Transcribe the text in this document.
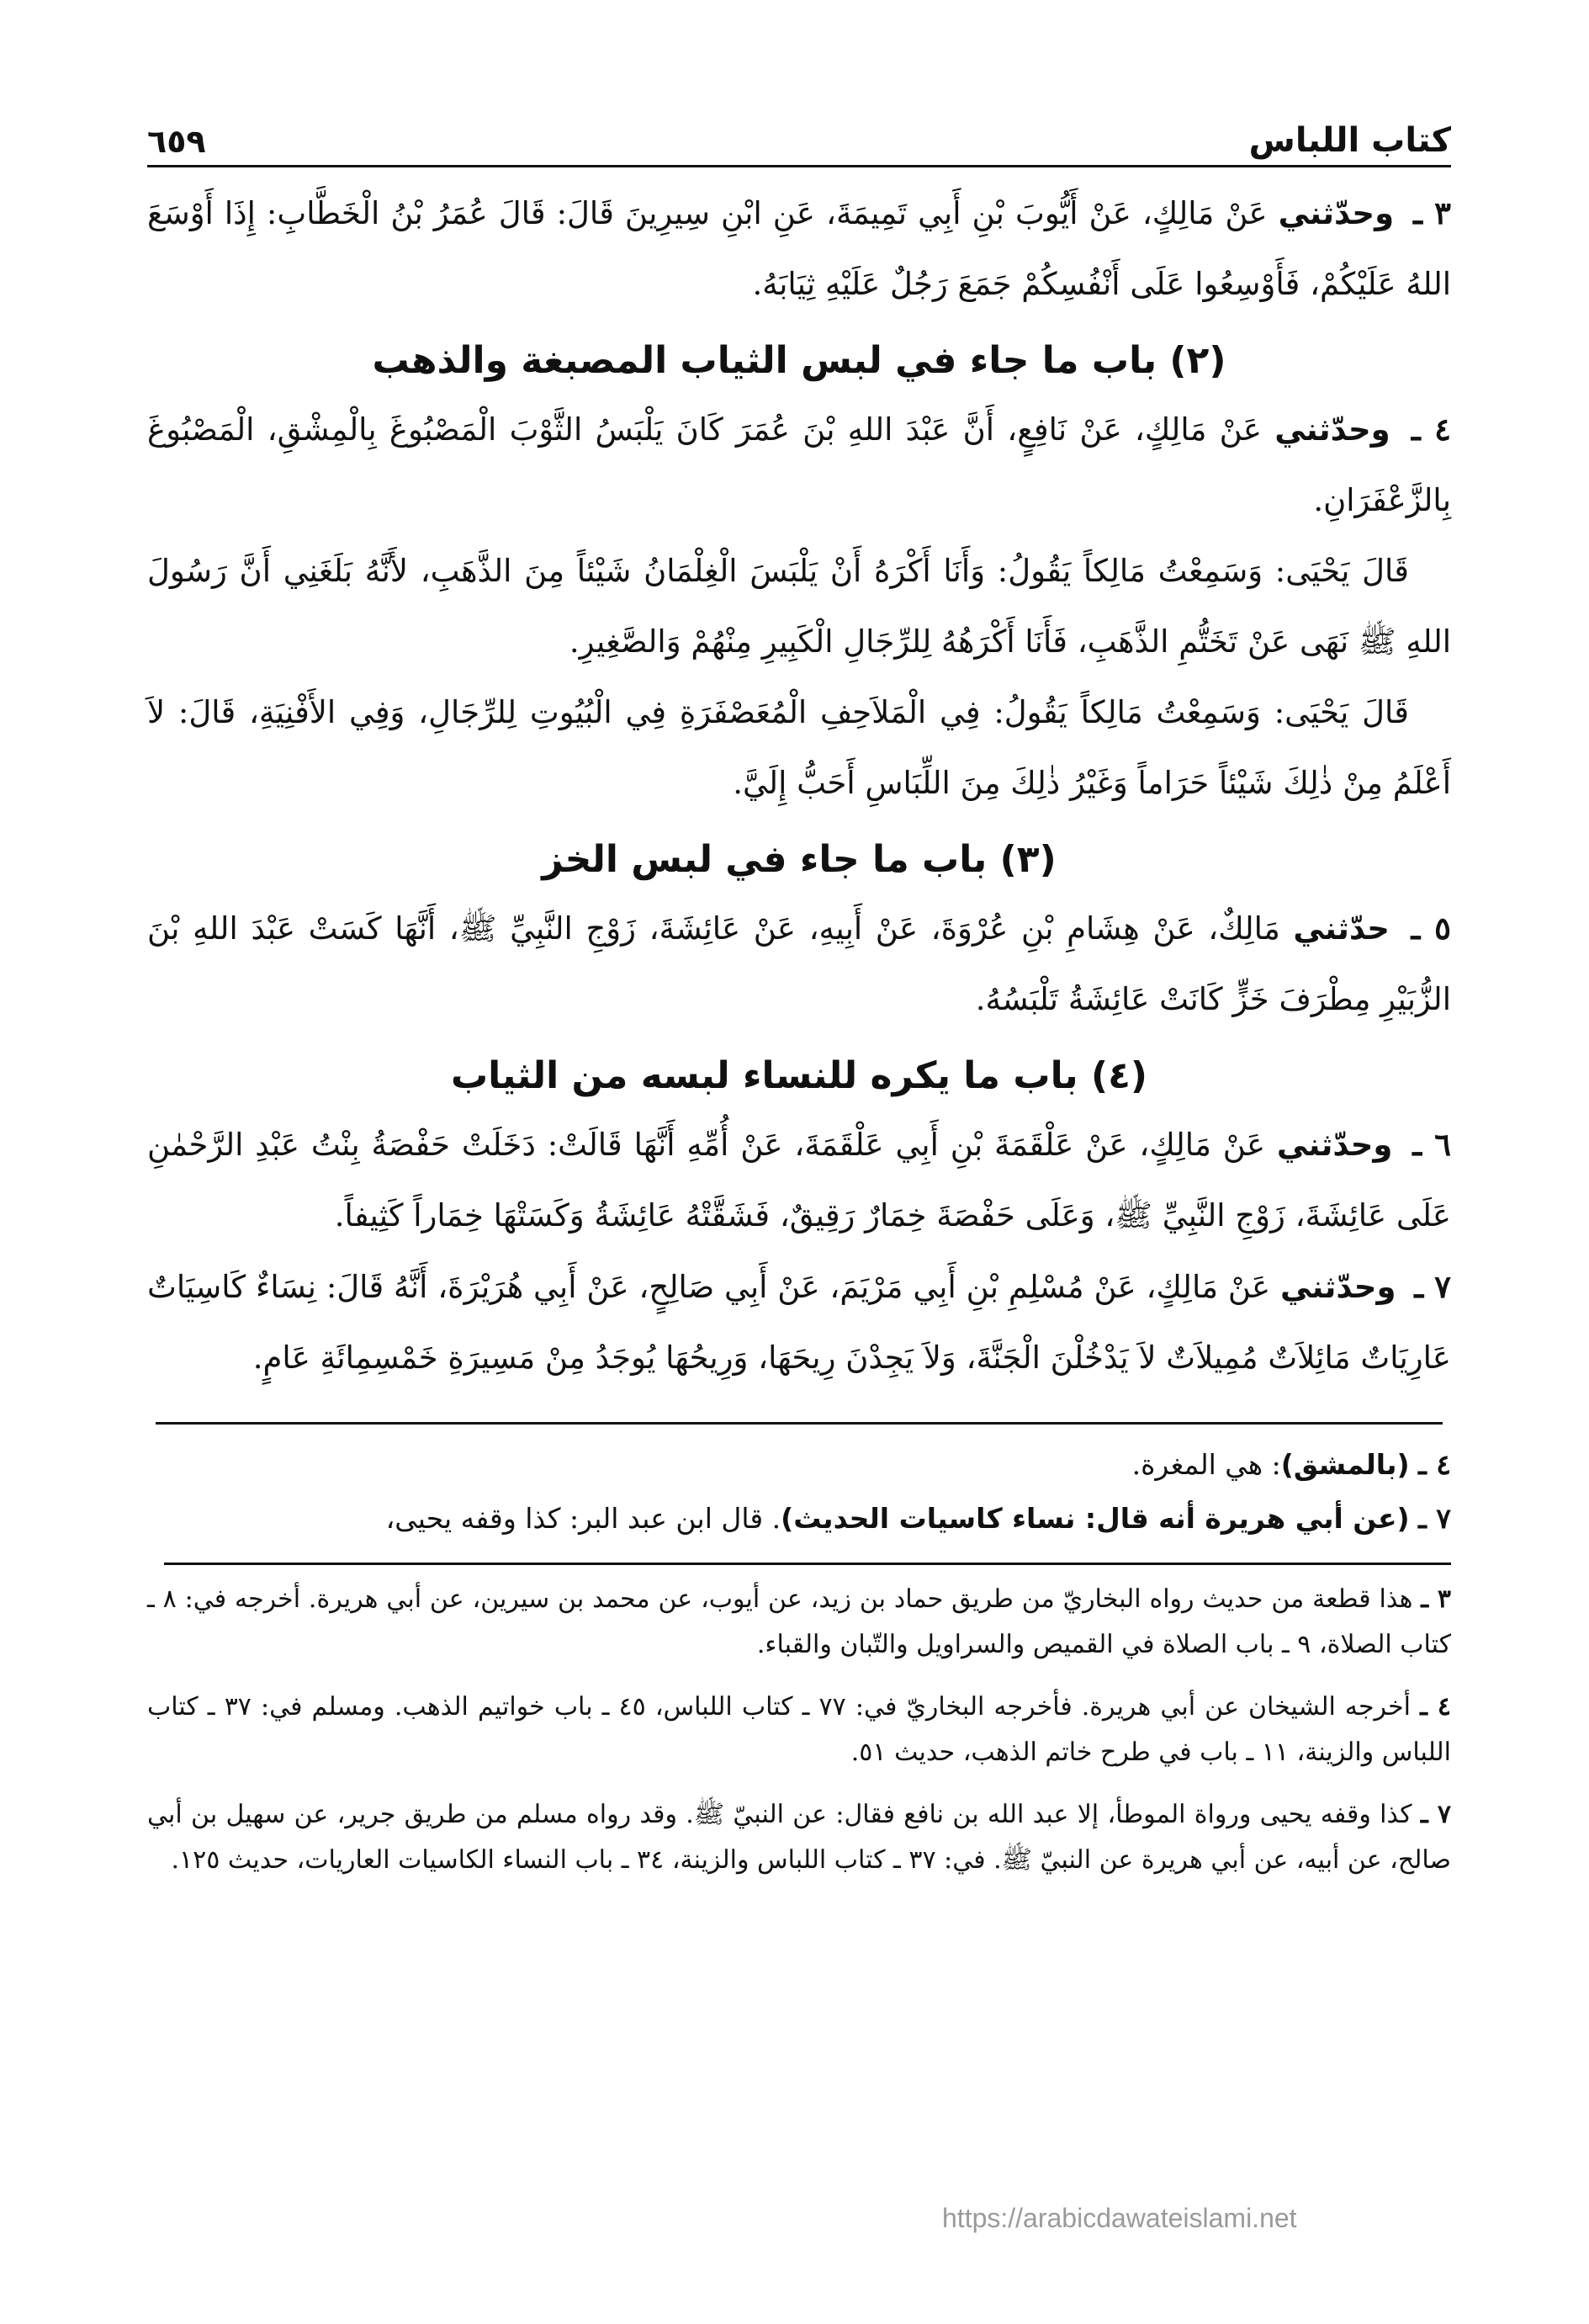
كتاب اللباس
٦٥٩

٣ ـ وحدّثني عَنْ مَالِكٍ، عَنْ أَيُّوبَ بْنِ أَبِي تَمِيمَةَ، عَنِ ابْنِ سِيرِينَ قَالَ: قَالَ عُمَرُ بْنُ الْخَطَّابِ: إِذَا أَوْسَعَ اللهُ عَلَيْكُمْ، فَأَوْسِعُوا عَلَى أَنْفُسِكُمْ جَمَعَ رَجُلٌ عَلَيْهِ ثِيَابَهُ.

(٢) باب ما جاء في لبس الثياب المصبغة والذهب

٤ ـ وحدّثني عَنْ مَالِكٍ، عَنْ نَافِعٍ، أَنَّ عَبْدَ اللهِ بْنَ عُمَرَ كَانَ يَلْبَسُ الثَّوْبَ الْمَصْبُوغَ بِالْمِشْقِ، الْمَصْبُوغَ بِالزَّعْفَرَانِ.

قَالَ يَحْيَى: وَسَمِعْتُ مَالِكاً يَقُولُ: وَأَنَا أَكْرَهُ أَنْ يَلْبَسَ الْغِلْمَانُ شَيْئاً مِنَ الذَّهَبِ، لأَنَّهُ بَلَغَنِي أَنَّ رَسُولَ اللهِ ﷺ نَهَى عَنْ تَخَتُّمِ الذَّهَبِ، فَأَنَا أَكْرَهُهُ لِلرِّجَالِ الْكَبِيرِ مِنْهُمْ وَالصَّغِيرِ.

قَالَ يَحْيَى: وَسَمِعْتُ مَالِكاً يَقُولُ: فِي الْمَلاَحِفِ الْمُعَصْفَرَةِ فِي الْبُيُوتِ لِلرِّجَالِ، وَفِي الأَفْنِيَةِ، قَالَ: لاَ أَعْلَمُ مِنْ ذٰلِكَ شَيْئاً حَرَاماً وَغَيْرُ ذٰلِكَ مِنَ اللِّبَاسِ أَحَبُّ إِلَيَّ.

(٣) باب ما جاء في لبس الخز

٥ ـ حدّثني مَالِكٌ، عَنْ هِشَامِ بْنِ عُرْوَةَ، عَنْ أَبِيهِ، عَنْ عَائِشَةَ، زَوْجِ النَّبِيِّ ﷺ، أَنَّهَا كَسَتْ عَبْدَ اللهِ بْنَ الزُّبَيْرِ مِطْرَفَ خَزٍّ كَانَتْ عَائِشَةُ تَلْبَسُهُ.

(٤) باب ما يكره للنساء لبسه من الثياب

٦ ـ وحدّثني عَنْ مَالِكٍ، عَنْ عَلْقَمَةَ بْنِ أَبِي عَلْقَمَةَ، عَنْ أُمِّهِ أَنَّهَا قَالَتْ: دَخَلَتْ حَفْصَةُ بِنْتُ عَبْدِ الرَّحْمٰنِ عَلَى عَائِشَةَ، زَوْجِ النَّبِيِّ ﷺ، وَعَلَى حَفْصَةَ خِمَارٌ رَقِيقٌ، فَشَقَّتْهُ عَائِشَةُ وَكَسَتْهَا خِمَاراً كَثِيفاً.

٧ ـ وحدّثني عَنْ مَالِكٍ، عَنْ مُسْلِمِ بْنِ أَبِي مَرْيَمَ، عَنْ أَبِي صَالِحٍ، عَنْ أَبِي هُرَيْرَةَ، أَنَّهُ قَالَ: نِسَاءٌ كَاسِيَاتٌ عَارِيَاتٌ مَائِلاَتٌ مُمِيلاَتٌ لاَ يَدْخُلْنَ الْجَنَّةَ، وَلاَ يَجِدْنَ رِيحَهَا، وَرِيحُهَا يُوجَدُ مِنْ مَسِيرَةِ خَمْسِمِائَةِ عَامٍ.

٤ ـ (بالمشق): هي المغرة.

٧ ـ (عن أبي هريرة أنه قال: نساء كاسيات الحديث). قال ابن عبد البر: كذا وقفه يحيى،

٣ ـ هذا قطعة من حديث رواه البخاريّ من طريق حماد بن زيد، عن أيوب، عن محمد بن سيرين، عن أبي هريرة. أخرجه في: ٨ ـ كتاب الصلاة، ٩ ـ باب الصلاة في القميص والسراويل والتّبان والقباء.

٤ ـ أخرجه الشيخان عن أبي هريرة. فأخرجه البخاريّ في: ٧٧ ـ كتاب اللباس، ٤٥ ـ باب خواتيم الذهب. ومسلم في: ٣٧ ـ كتاب اللباس والزينة، ١١ ـ باب في طرح خاتم الذهب، حديث ٥١.

٧ ـ كذا وقفه يحيى ورواة الموطأ، إلا عبد الله بن نافع فقال: عن النبيّ ﷺ. وقد رواه مسلم من طريق جرير، عن سهيل بن أبي صالح، عن أبيه، عن أبي هريرة عن النبيّ ﷺ. في: ٣٧ ـ كتاب اللباس والزينة، ٣٤ ـ باب النساء الكاسيات العاريات، حديث ١٢٥.

https://arabicdawateislami.net
